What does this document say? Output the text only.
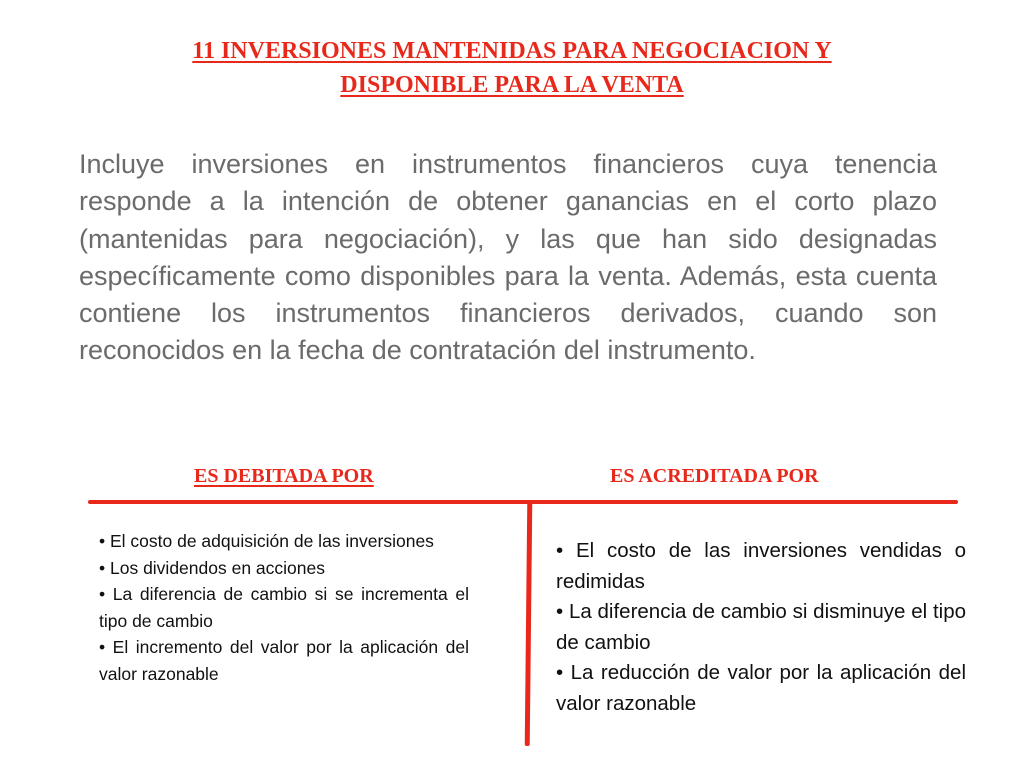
11 INVERSIONES MANTENIDAS PARA NEGOCIACION Y
DISPONIBLE PARA LA VENTA

Incluye inversiones en instrumentos financieros cuya tenencia responde a la intención de obtener ganancias en el corto plazo (mantenidas para negociación), y las que han sido designadas específicamente como disponibles para la venta. Además, esta cuenta contiene los instrumentos financieros derivados, cuando son reconocidos en la fecha de contratación del instrumento.

ES DEBITADA POR	ES ACREDITADA POR
• El costo de adquisición de las inversiones
• Los dividendos en acciones
• La diferencia de cambio si se incrementa el tipo de cambio
• El incremento del valor por la aplicación del valor razonable
• El costo de las inversiones vendidas o redimidas
• La diferencia de cambio si disminuye el tipo de cambio
• La reducción de valor por la aplicación del valor razonable
